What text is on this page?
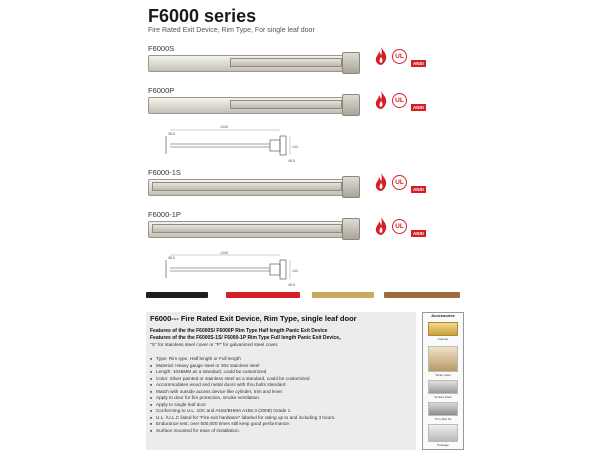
F6000 series
Fire Rated Exit Device, Rim Type, For single leaf door
F6000S
F6000P
1045
144
38.5
48.5
F6000-1S
F6000-1P
1045
144
38.5
48.5
UL
ANSI
UL
ANSI
UL
ANSI
UL
ANSI
F6000--- Fire Rated Exit Device, Rim Type, single leaf door
Features of the the F6000S/ F6000P Rim Type Half length Panic Exit Device
Features of the the F6000S-1S/ F6000-1P Rim Type Full length Panic Exit Device。
"S" for stainless steel cover or "P" for galvanized steel cover.
■ Type: Rim type, Half length or Full length
■ Material: Heavy gauge steel or 304 stainless steel
■ Length: 1045MM as a standard, could be customized
■ Color: Silver painted or stainless steel as a standard, could be customized
■ Accommodates wood and metal doors with thru bolts standard
■ Match with outside access device like cylinder, trim and lever.
■ Apply to door for fire protection, smoke ventilation.
■ Apply to single leaf door
■ Conforming to U.L. 10C and ANSI/BHMA A156.3-(2009) Grade 1.
■ U.L. /U.L.C listed for "Fire exit hardware" labeled for rating up to and including 3 hours.
■ Endurance test, over 500,000 times still keep good performance.
■ Surface mounted for ease of installation.
Accessories
Cylinder
Strike plate
Screws Pack
Thru-Bolt Kit
Package
